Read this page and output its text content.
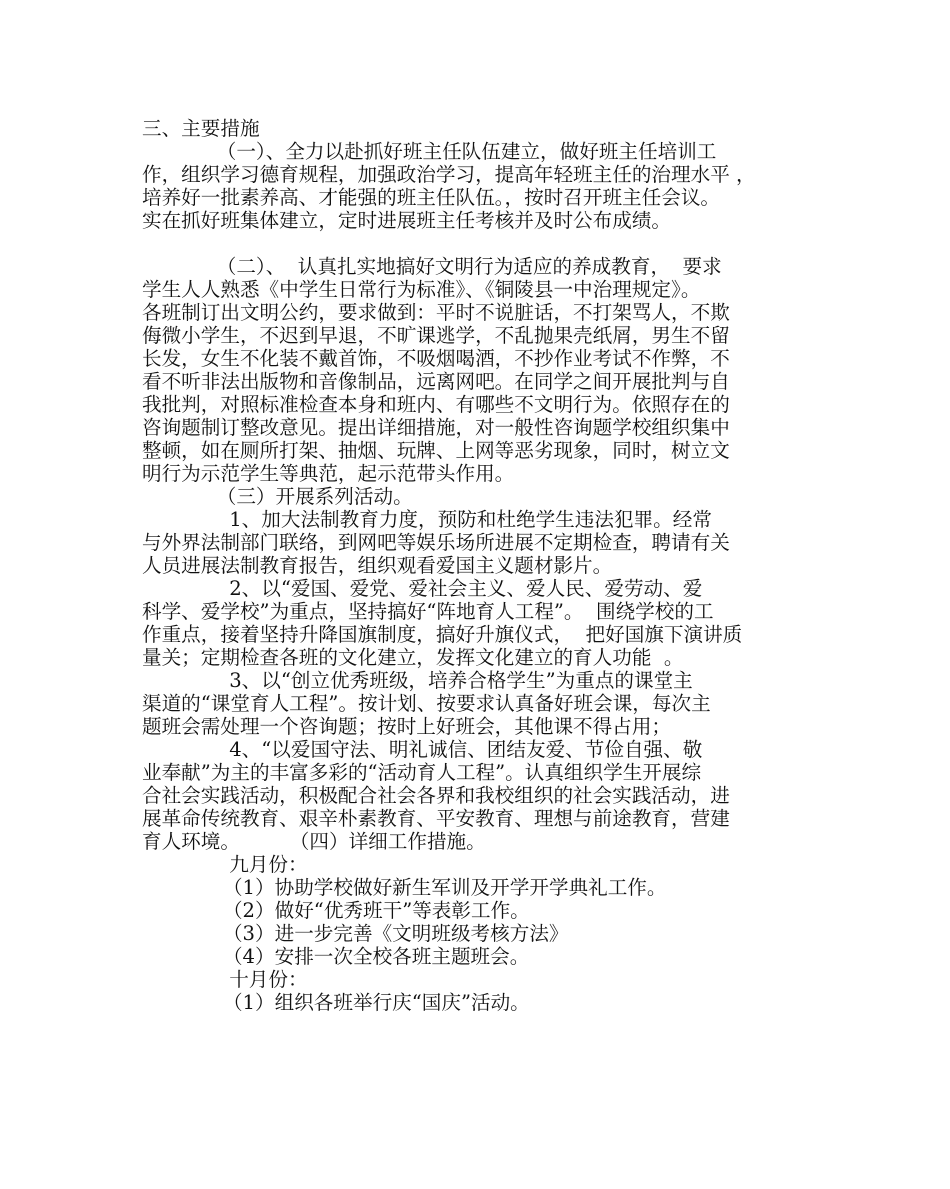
三、主要措施
（一）、全力以赴抓好班主任队伍建立，做好班主任培训工
作，组织学习德育规程，加强政治学习，提高年轻班主任的治理水平 ，
培养好一批素养高、才能强的班主任队伍。，按时召开班主任会议。
实在抓好班集体建立，定时进展班主任考核并及时公布成绩。
（二）、  认真扎实地搞好文明行为适应的养成教育，  要求
学生人人熟悉《中学生日常行为标准》、《铜陵县一中治理规定》。
各班制订出文明公约，要求做到：平时不说脏话，不打架骂人，不欺
侮微小学生，不迟到早退，不旷课逃学，不乱抛果壳纸屑，男生不留
长发，女生不化装不戴首饰，不吸烟喝酒，不抄作业考试不作弊，不
看不听非法出版物和音像制品，远离网吧。在同学之间开展批判与自
我批判，对照标准检查本身和班内、有哪些不文明行为。依照存在的
咨询题制订整改意见。提出详细措施，对一般性咨询题学校组织集中
整顿，如在厕所打架、抽烟、玩牌、上网等恶劣现象，同时，树立文
明行为示范学生等典范，起示范带头作用。
（三）开展系列活动。
1、加大法制教育力度，预防和杜绝学生违法犯罪。经常
与外界法制部门联络，到网吧等娱乐场所进展不定期检查，聘请有关
人员进展法制教育报告，组织观看爱国主义题材影片。
2、以“爱国、爱党、爱社会主义、爱人民、爱劳动、爱
科学、爱学校”为重点，坚持搞好“阵地育人工程”。  围绕学校的工
作重点，接着坚持升降国旗制度，搞好升旗仪式，  把好国旗下演讲质
量关；定期检查各班的文化建立，发挥文化建立的育人功能  。
3、以“创立优秀班级，培养合格学生”为重点的课堂主
渠道的“课堂育人工程”。按计划、按要求认真备好班会课，每次主
题班会需处理一个咨询题；按时上好班会，其他课不得占用；
4、“以爱国守法、明礼诚信、团结友爱、节俭自强、敬
业奉献”为主的丰富多彩的“活动育人工程”。认真组织学生开展综
合社会实践活动，积极配合社会各界和我校组织的社会实践活动，进
展革命传统教育、艰辛朴素教育、平安教育、理想与前途教育，营建
育人环境。        （四）详细工作措施。
九月份：
（1）协助学校做好新生军训及开学开学典礼工作。
（2）做好“优秀班干”等表彰工作。
（3）进一步完善《文明班级考核方法》
（4）安排一次全校各班主题班会。
十月份：
（1）组织各班举行庆“国庆”活动。
